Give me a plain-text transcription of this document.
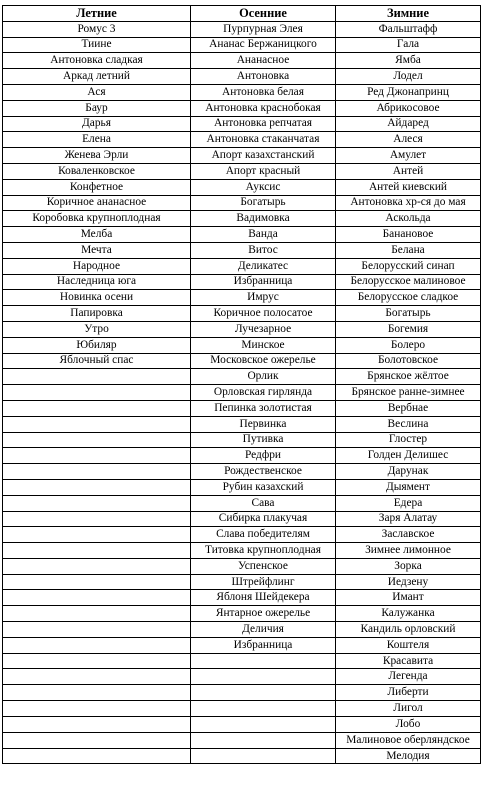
Летние	Осенние	Зимние
Ромус 3	Пурпурная Элея	Фальштафф
Тиине	Ананас Бержаницкого	Гала
Антоновка сладкая	Ананасное	Ямба
Аркад летний	Антоновка	Лодел
Ася	Антоновка белая	Ред Джонапринц
Баур	Антоновка краснобокая	Абрикосовое
Дарья	Антоновка репчатая	Айдаред
Елена	Антоновка стаканчатая	Алеся
Женева Эрли	Апорт казахстанский	Амулет
Коваленковское	Апорт красный	Антей
Конфетное	Ауксис	Антей киевский
Коричное ананасное	Богатырь	Антоновка хр-ся до мая
Коробовка крупноплодная	Вадимовка	Аскольда
Мелба	Ванда	Банановое
Мечта	Витос	Белана
Народное	Деликатес	Белорусский синап
Наследница юга	Избранница	Белорусское малиновое
Новинка осени	Имрус	Белорусское сладкое
Папировка	Коричное полосатое	Богатырь
Утро	Лучезарное	Богемия
Юбиляр	Минское	Болеро
Яблочный спас	Московское ожерелье	Болотовское
	Орлик	Брянское жёлтое
	Орловская гирлянда	Брянское ранне-зимнее
	Пепинка золотистая	Вербнае
	Первинка	Веслина
	Путивка	Глостер
	Редфри	Голден Делишес
	Рождественское	Дарунак
	Рубин казахский	Дыямент
	Сава	Едера
	Сибирка плакучая	Заря Алатау
	Слава победителям	Заславское
	Титовка крупноплодная	Зимнее лимонное
	Успенское	Зорка
	Штрейфлинг	Иедзену
	Яблоня Шейдекера	Имант
	Янтарное ожерелье	Калужанка
	Деличия	Кандиль орловский
	Избранница	Коштеля
		Красавита
		Легенда
		Либерти
		Лигол
		Лобо
		Малиновое оберляндское
		Мелодия
